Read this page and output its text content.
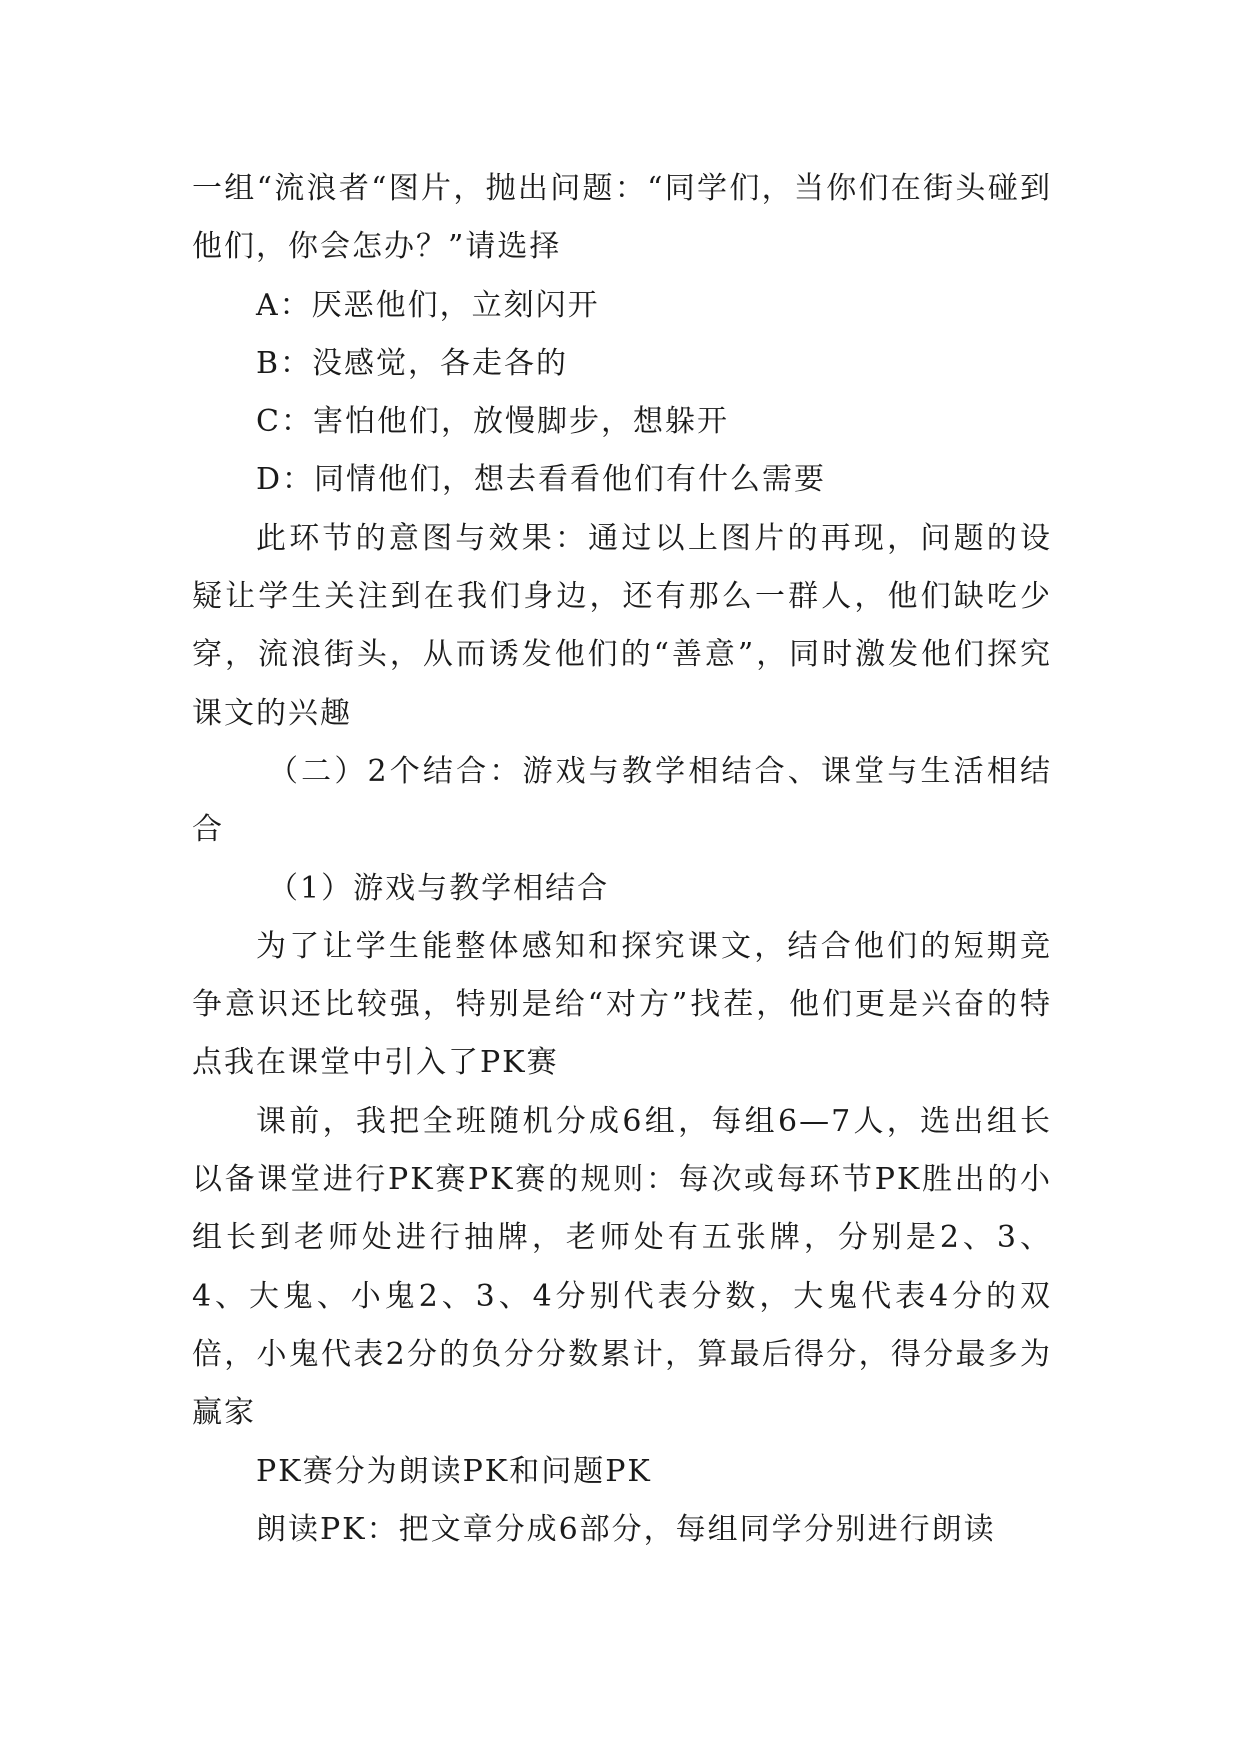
一组“流浪者“图片，抛出问题：“同学们，当你们在街头碰到他们，你会怎办？”请选择

A：厌恶他们，立刻闪开

B：没感觉，各走各的

C：害怕他们，放慢脚步，想躲开

D：同情他们，想去看看他们有什么需要

此环节的意图与效果：通过以上图片的再现，问题的设疑让学生关注到在我们身边，还有那么一群人，他们缺吃少穿，流浪街头，从而诱发他们的“善意”，同时激发他们探究课文的兴趣

（二）2个结合：游戏与教学相结合、课堂与生活相结合

（1）游戏与教学相结合

为了让学生能整体感知和探究课文，结合他们的短期竞争意识还比较强，特别是给“对方”找茬，他们更是兴奋的特点我在课堂中引入了PK赛

课前，我把全班随机分成6组，每组6—7人，选出组长以备课堂进行PK赛PK赛的规则：每次或每环节PK胜出的小组长到老师处进行抽牌，老师处有五张牌，分别是2、3、4、大鬼、小鬼2、3、4分别代表分数，大鬼代表4分的双倍，小鬼代表2分的负分分数累计，算最后得分，得分最多为赢家

PK赛分为朗读PK和问题PK

朗读PK：把文章分成6部分，每组同学分别进行朗读
